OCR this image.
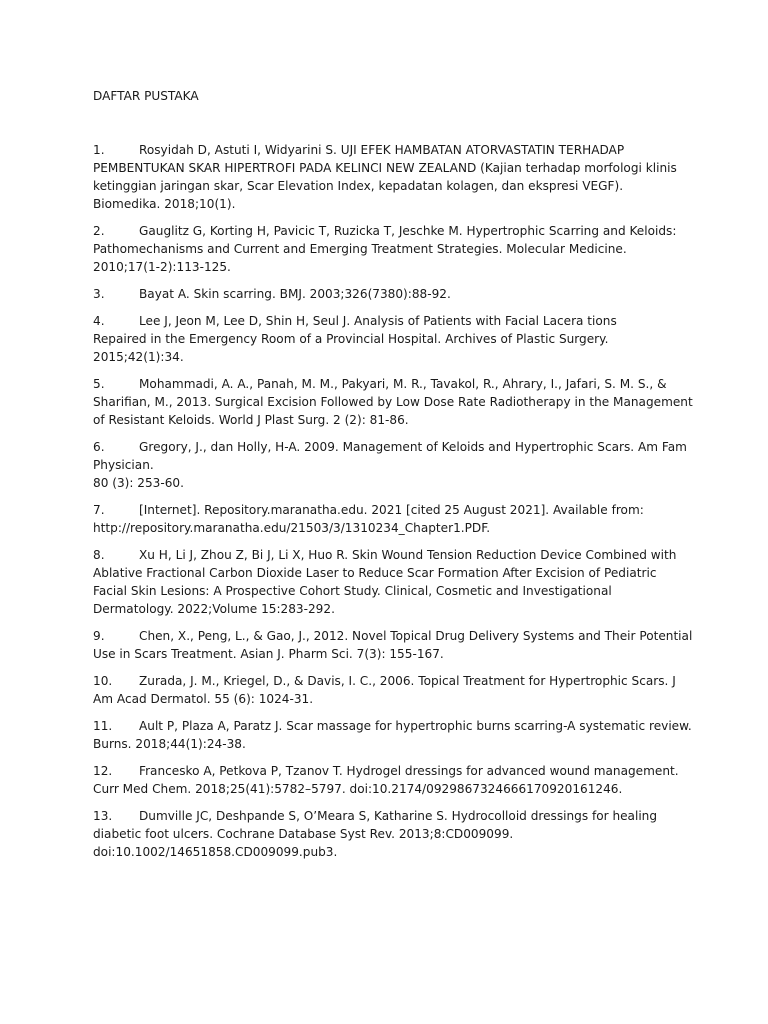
DAFTAR PUSTAKA

1.	Rosyidah D, Astuti I, Widyarini S. UJI EFEK HAMBATAN ATORVASTATIN TERHADAP PEMBENTUKAN SKAR HIPERTROFI PADA KELINCI NEW ZEALAND (Kajian terhadap morfologi klinis ketinggian jaringan skar, Scar Elevation Index, kepadatan kolagen, dan ekspresi VEGF). Biomedika. 2018;10(1).

2.	Gauglitz G, Korting H, Pavicic T, Ruzicka T, Jeschke M. Hypertrophic Scarring and Keloids: Pathomechanisms and Current and Emerging Treatment Strategies. Molecular Medicine. 2010;17(1-2):113-125.

3.	Bayat A. Skin scarring. BMJ. 2003;326(7380):88-92.

4.	Lee J, Jeon M, Lee D, Shin H, Seul J. Analysis of Patients with Facial Lacera tions

Repaired in the Emergency Room of a Provincial Hospital. Archives of Plastic Surgery.

2015;42(1):34.

5.	Mohammadi, A. A., Panah, M. M., Pakyari, M. R., Tavakol, R., Ahrary, I., Jafari, S. M. S., & Sharifian, M., 2013. Surgical Excision Followed by Low Dose Rate Radiotherapy in the Management of Resistant Keloids. World J Plast Surg. 2 (2): 81-86.

6.	Gregory, J., dan Holly, H-A. 2009. Management of Keloids and Hypertrophic Scars. Am Fam Physician.

80 (3): 253-60.

7.	[Internet]. Repository.maranatha.edu. 2021 [cited 25 August 2021]. Available from: http://repository.maranatha.edu/21503/3/1310234_Chapter1.PDF.

8.	Xu H, Li J, Zhou Z, Bi J, Li X, Huo R. Skin Wound Tension Reduction Device Combined with Ablative Fractional Carbon Dioxide Laser to Reduce Scar Formation After Excision of Pediatric Facial Skin Lesions: A Prospective Cohort Study. Clinical, Cosmetic and Investigational Dermatology. 2022;Volume 15:283-292.

9.	Chen, X., Peng, L., & Gao, J., 2012. Novel Topical Drug Delivery Systems and Their Potential Use in Scars Treatment. Asian J. Pharm Sci. 7(3): 155-167.

10. Zurada, J. M., Kriegel, D., & Davis, I. C., 2006. Topical Treatment for Hypertrophic Scars. J Am Acad Dermatol. 55 (6): 1024-31.

11. Ault P, Plaza A, Paratz J. Scar massage for hypertrophic burns scarring-A systematic review. Burns. 2018;44(1):24-38.

12. Francesko A, Petkova P, Tzanov T. Hydrogel dressings for advanced wound management. Curr Med Chem. 2018;25(41):5782–5797. doi:10.2174/0929867324666170920161246.

13. Dumville JC, Deshpande S, O’Meara S, Katharine S. Hydrocolloid dressings for healing diabetic foot ulcers. Cochrane Database Syst Rev. 2013;8:CD009099. doi:10.1002/14651858.CD009099.pub3.
